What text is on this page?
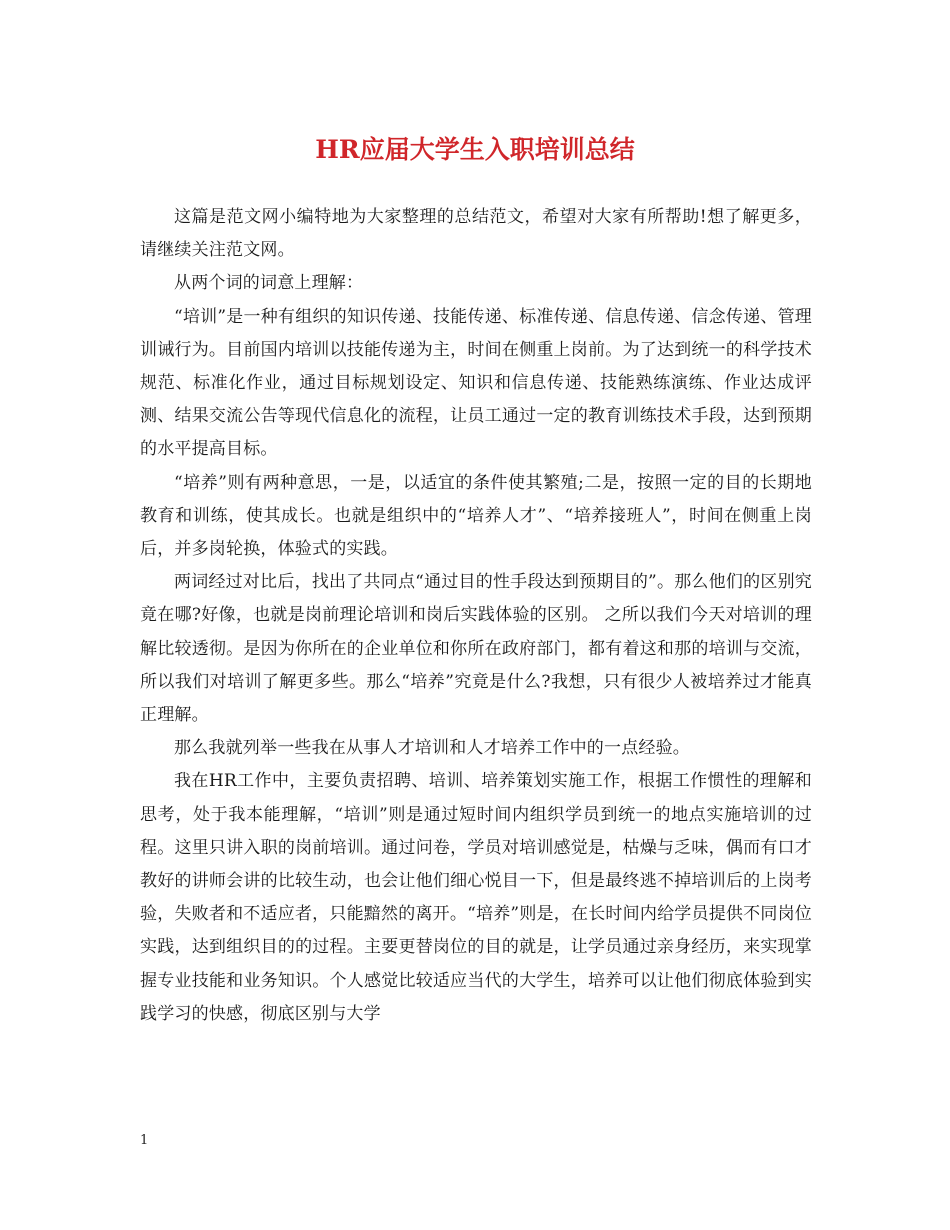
HR应届大学生入职培训总结

这篇是范文网小编特地为大家整理的总结范文，希望对大家有所帮助!想了解更多，请继续关注范文网。

从两个词的词意上理解：

“培训”是一种有组织的知识传递、技能传递、标准传递、信息传递、信念传递、管理训诫行为。目前国内培训以技能传递为主，时间在侧重上岗前。为了达到统一的科学技术规范、标准化作业，通过目标规划设定、知识和信息传递、技能熟练演练、作业达成评测、结果交流公告等现代信息化的流程，让员工通过一定的教育训练技术手段，达到预期的水平提高目标。

“培养”则有两种意思，一是，以适宜的条件使其繁殖;二是，按照一定的目的长期地教育和训练，使其成长。也就是组织中的“培养人才”、“培养接班人”，时间在侧重上岗后，并多岗轮换，体验式的实践。

两词经过对比后，找出了共同点“通过目的性手段达到预期目的”。那么他们的区别究竟在哪?好像，也就是岗前理论培训和岗后实践体验的区别。 之所以我们今天对培训的理解比较透彻。是因为你所在的企业单位和你所在政府部门，都有着这和那的培训与交流，所以我们对培训了解更多些。那么“培养”究竟是什么?我想，只有很少人被培养过才能真正理解。

那么我就列举一些我在从事人才培训和人才培养工作中的一点经验。

我在HR工作中，主要负责招聘、培训、培养策划实施工作，根据工作惯性的理解和思考，处于我本能理解，“培训”则是通过短时间内组织学员到统一的地点实施培训的过程。这里只讲入职的岗前培训。通过问卷，学员对培训感觉是，枯燥与乏味，偶而有口才教好的讲师会讲的比较生动，也会让他们细心悦目一下，但是最终逃不掉培训后的上岗考验，失败者和不适应者，只能黯然的离开。“培养”则是，在长时间内给学员提供不同岗位实践，达到组织目的的过程。主要更替岗位的目的就是，让学员通过亲身经历，来实现掌握专业技能和业务知识。个人感觉比较适应当代的大学生，培养可以让他们彻底体验到实践学习的快感，彻底区别与大学

1
